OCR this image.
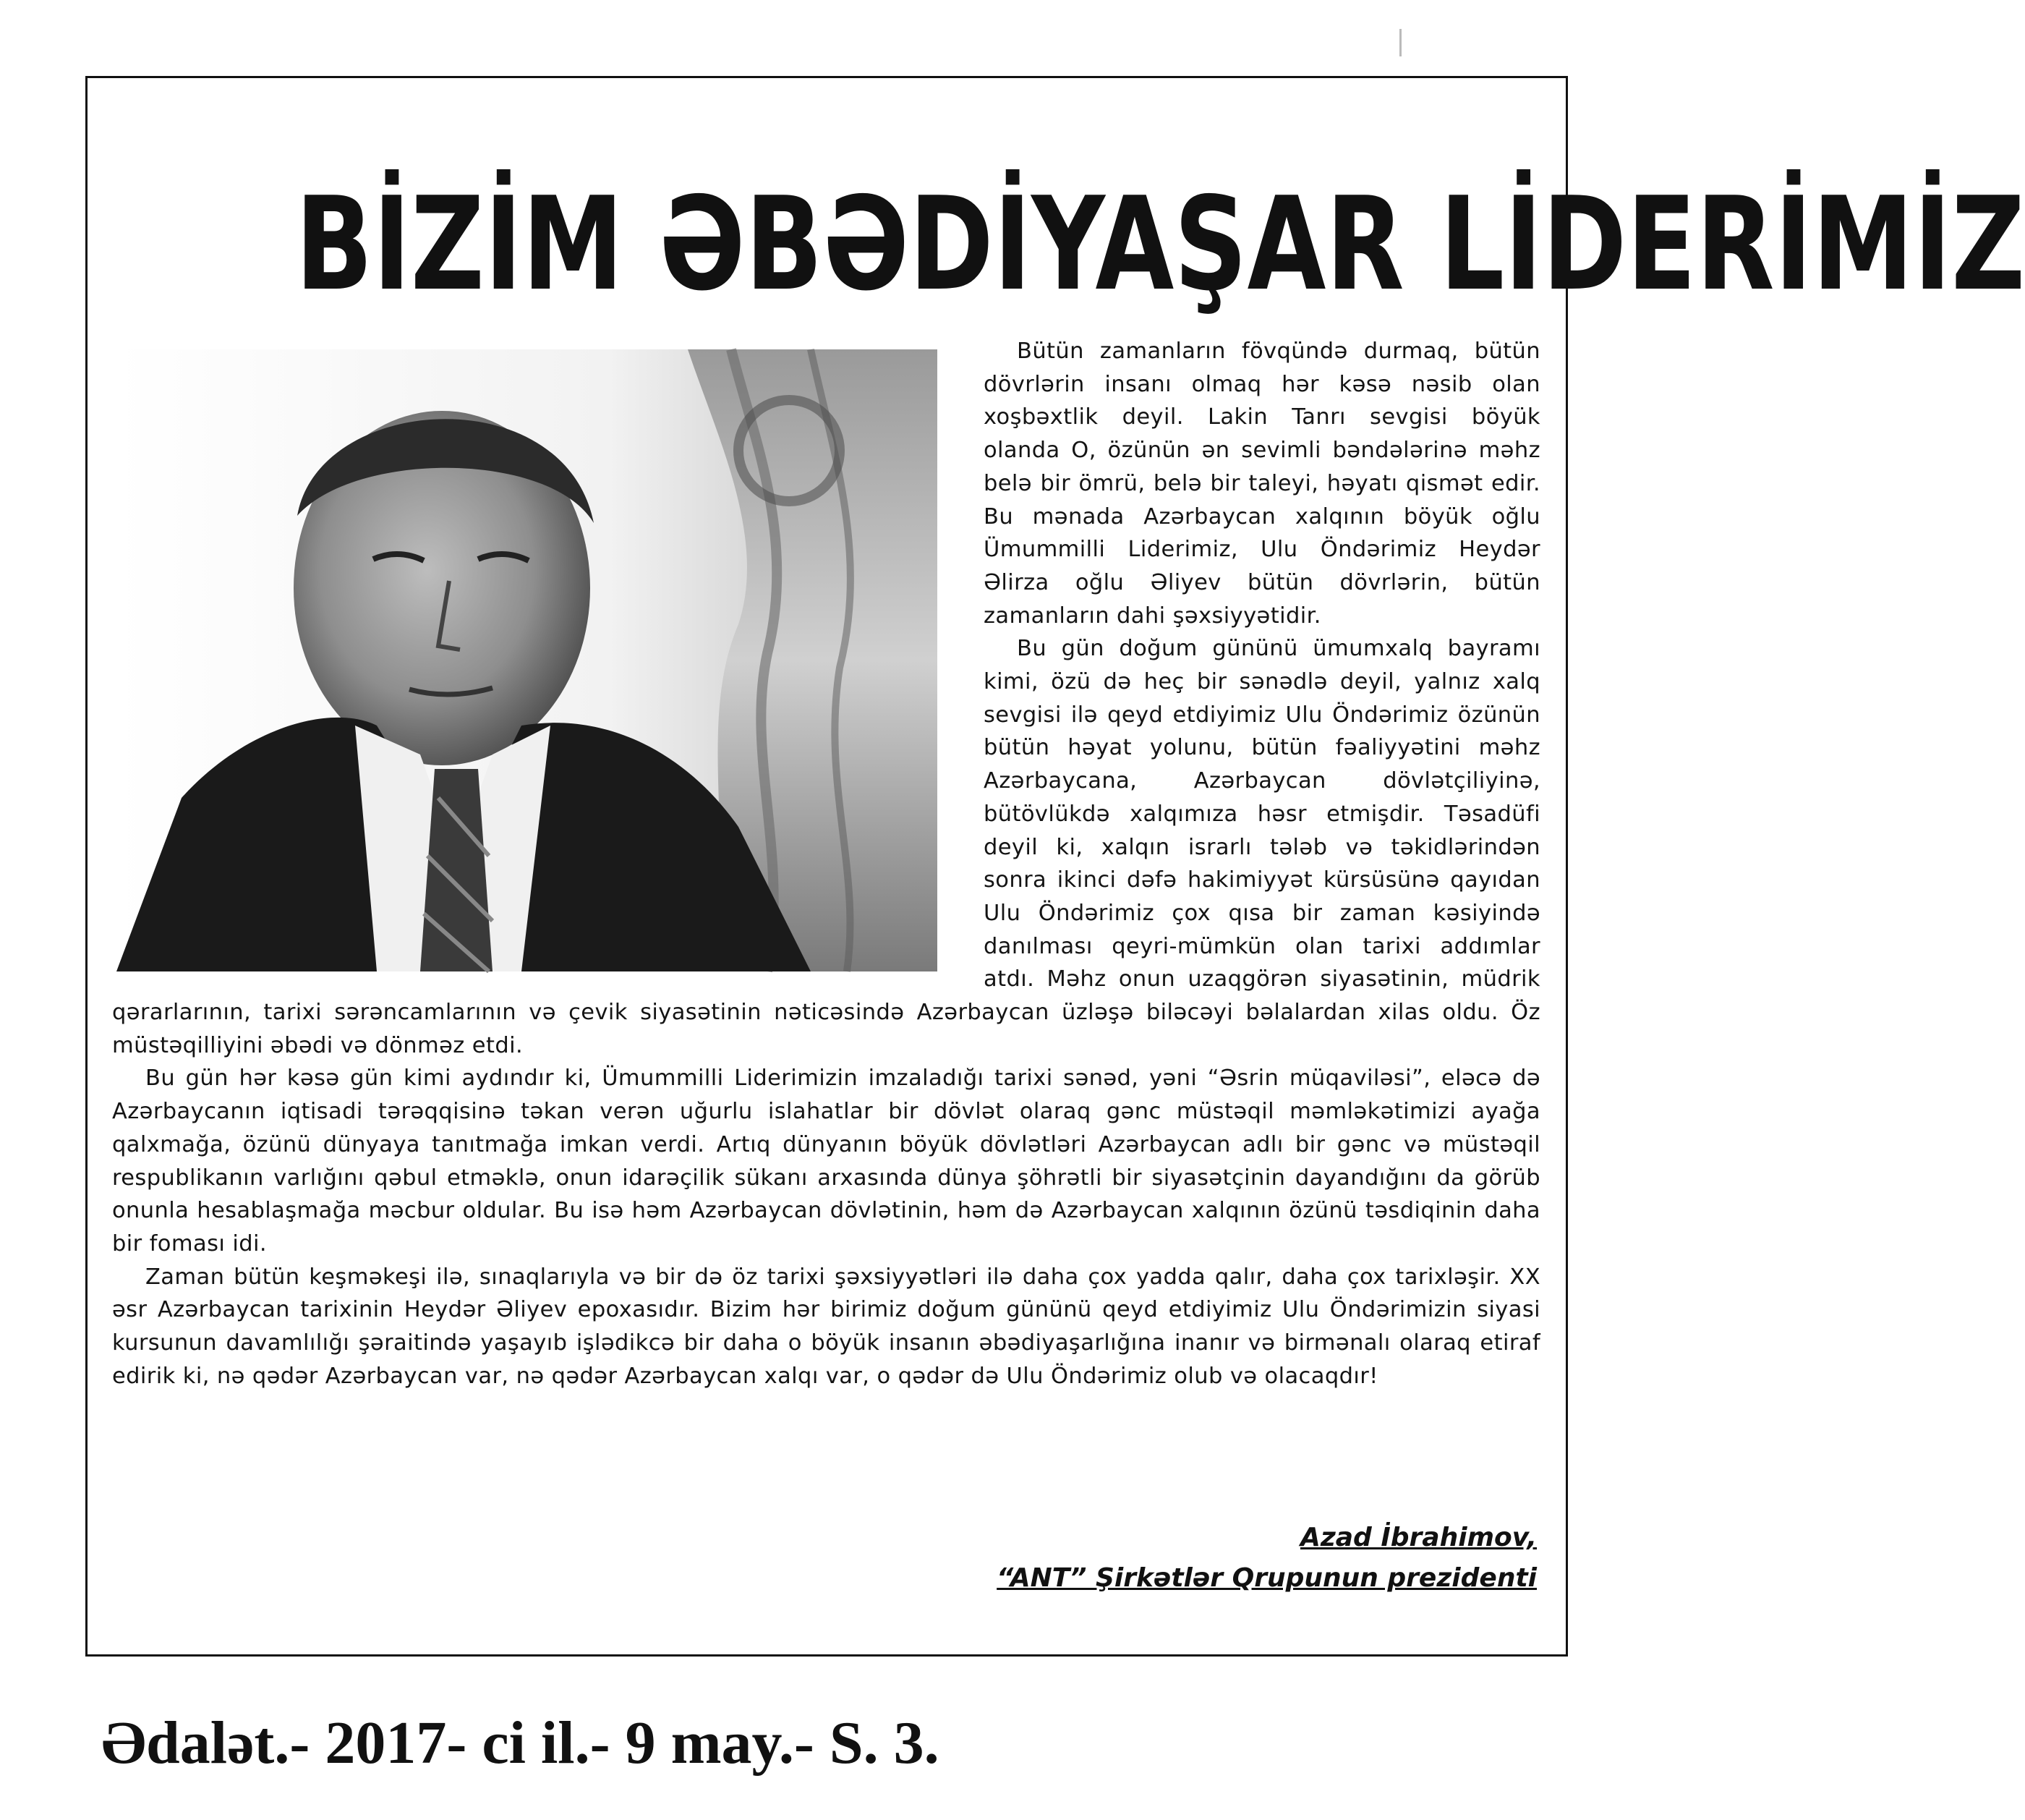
BİZİM ƏBƏDİYAŞAR LİDERİMİZ

Bütün zamanların fövqündə durmaq, bütün dövrlərin insanı olmaq hər kəsə nəsib olan xoşbəxtlik deyil. Lakin Tanrı sevgisi böyük olanda O, özünün ən sevimli bəndələrinə məhz belə bir ömrü, belə bir taleyi, həyatı qismət edir. Bu mənada Azərbaycan xalqının böyük oğlu Ümummilli Liderimiz, Ulu Öndərimiz Heydər Əlirza oğlu Əliyev bütün dövrlərin, bütün zamanların dahi şəxsiyyətidir.

Bu gün doğum gününü ümumxalq bayramı kimi, özü də heç bir sənədlə deyil, yalnız xalq sevgisi ilə qeyd etdiyimiz Ulu Öndərimiz özünün bütün həyat yolunu, bütün fəaliyyətini məhz Azərbaycana, Azərbaycan dövlətçiliyinə, bütövlükdə xalqımıza həsr etmişdir. Təsadüfi deyil ki, xalqın israrlı tələb və təkidlərindən sonra ikinci dəfə hakimiyyət kürsüsünə qayıdan Ulu Öndərimiz çox qısa bir zaman kəsiyində danılması qeyri-mümkün olan tarixi addımlar atdı. Məhz onun uzaqgörən siyasətinin, müdrik qərarlarının, tarixi sərəncamlarının və çevik siyasətinin nəticəsində Azərbaycan üzləşə biləcəyi bəlalardan xilas oldu. Öz müstəqilliyini əbədi və dönməz etdi.

Bu gün hər kəsə gün kimi aydındır ki, Ümummilli Liderimizin imzaladığı tarixi sənəd, yəni “Əsrin müqaviləsi”, eləcə də Azərbaycanın iqtisadi tərəqqisinə təkan verən uğurlu islahatlar bir dövlət olaraq gənc müstəqil məmləkətimizi ayağa qalxmağa, özünü dünyaya tanıtmağa imkan verdi. Artıq dünyanın böyük dövlətləri Azərbaycan adlı bir gənc və müstəqil respublikanın varlığını qəbul etməklə, onun idarəçilik sükanı arxasında dünya şöhrətli bir siyasətçinin dayandığını da görüb onunla hesablaşmağa məcbur oldular. Bu isə həm Azərbaycan dövlətinin, həm də Azərbaycan xalqının özünü təsdiqinin daha bir foması idi.

Zaman bütün keşməkeşi ilə, sınaqlarıyla və bir də öz tarixi şəxsiyyətləri ilə daha çox yadda qalır, daha çox tarixləşir. XX əsr Azərbaycan tarixinin Heydər Əliyev epoxasıdır. Bizim hər birimiz doğum gününü qeyd etdiyimiz Ulu Öndərimizin siyasi kursunun davamlılığı şəraitində yaşayıb işlədikcə bir daha o böyük insanın əbədiyaşarlığına inanır və birmənalı olaraq etiraf edirik ki, nə qədər Azərbaycan var, nə qədər Azərbaycan xalqı var, o qədər də Ulu Öndərimiz olub və olacaqdır!

Azad İbrahimov,
“ANT” Şirkətlər Qrupunun prezidenti

Ədalət.- 2017- ci il.- 9 may.- S. 3.
